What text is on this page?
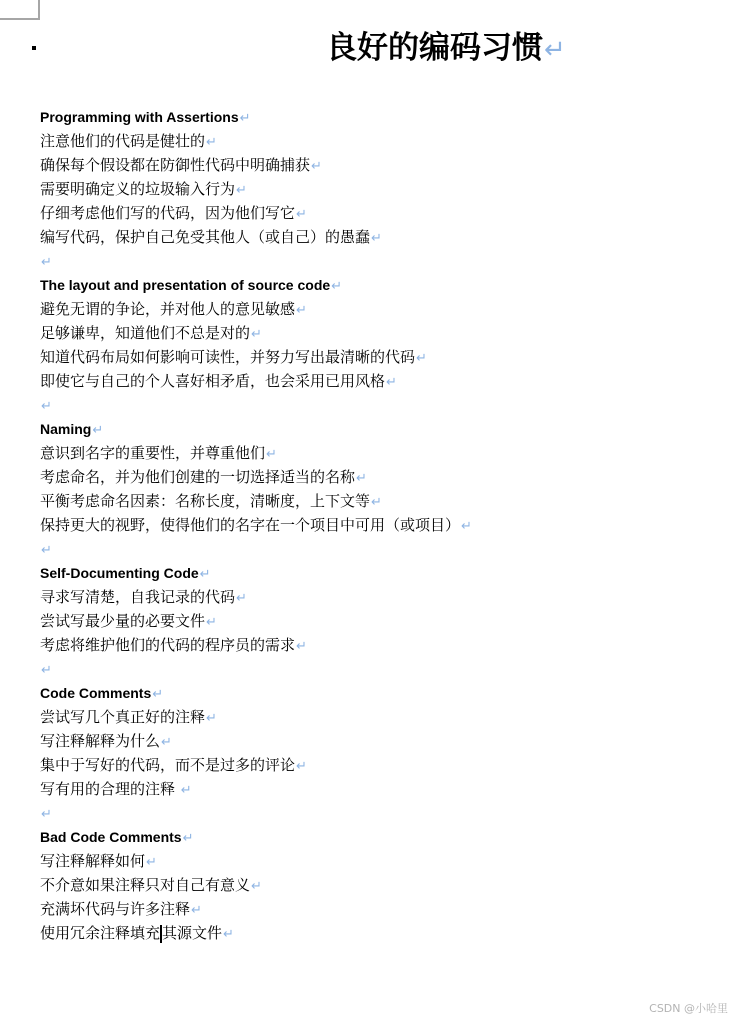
良好的编码习惯↵
Programming with Assertions↵
注意他们的代码是健壮的↵
确保每个假设都在防御性代码中明确捕获↵
需要明确定义的垃圾输入行为↵
仔细考虑他们写的代码，因为他们写它↵
编写代码，保护自己免受其他人（或自己）的愚蠢↵
↵
The layout and presentation of source code↵
避免无谓的争论，并对他人的意见敏感↵
足够谦卑，知道他们不总是对的↵
知道代码布局如何影响可读性，并努力写出最清晰的代码↵
即使它与自己的个人喜好相矛盾，也会采用已用风格↵
↵
Naming↵
意识到名字的重要性，并尊重他们↵
考虑命名，并为他们创建的一切选择适当的名称↵
平衡考虑命名因素：名称长度，清晰度，上下文等↵
保持更大的视野，使得他们的名字在一个项目中可用（或项目）↵
↵
Self-Documenting Code↵
寻求写清楚，自我记录的代码↵
尝试写最少量的必要文件↵
考虑将维护他们的代码的程序员的需求↵
↵
Code Comments↵
尝试写几个真正好的注释↵
写注释解释为什么↵
集中于写好的代码，而不是过多的评论↵
写有用的合理的注释 ↵
↵
Bad Code Comments↵
写注释解释如何↵
不介意如果注释只对自己有意义↵
充满坏代码与许多注释↵
使用冗余注释填充 其源文件↵
CSDN @小哈里
